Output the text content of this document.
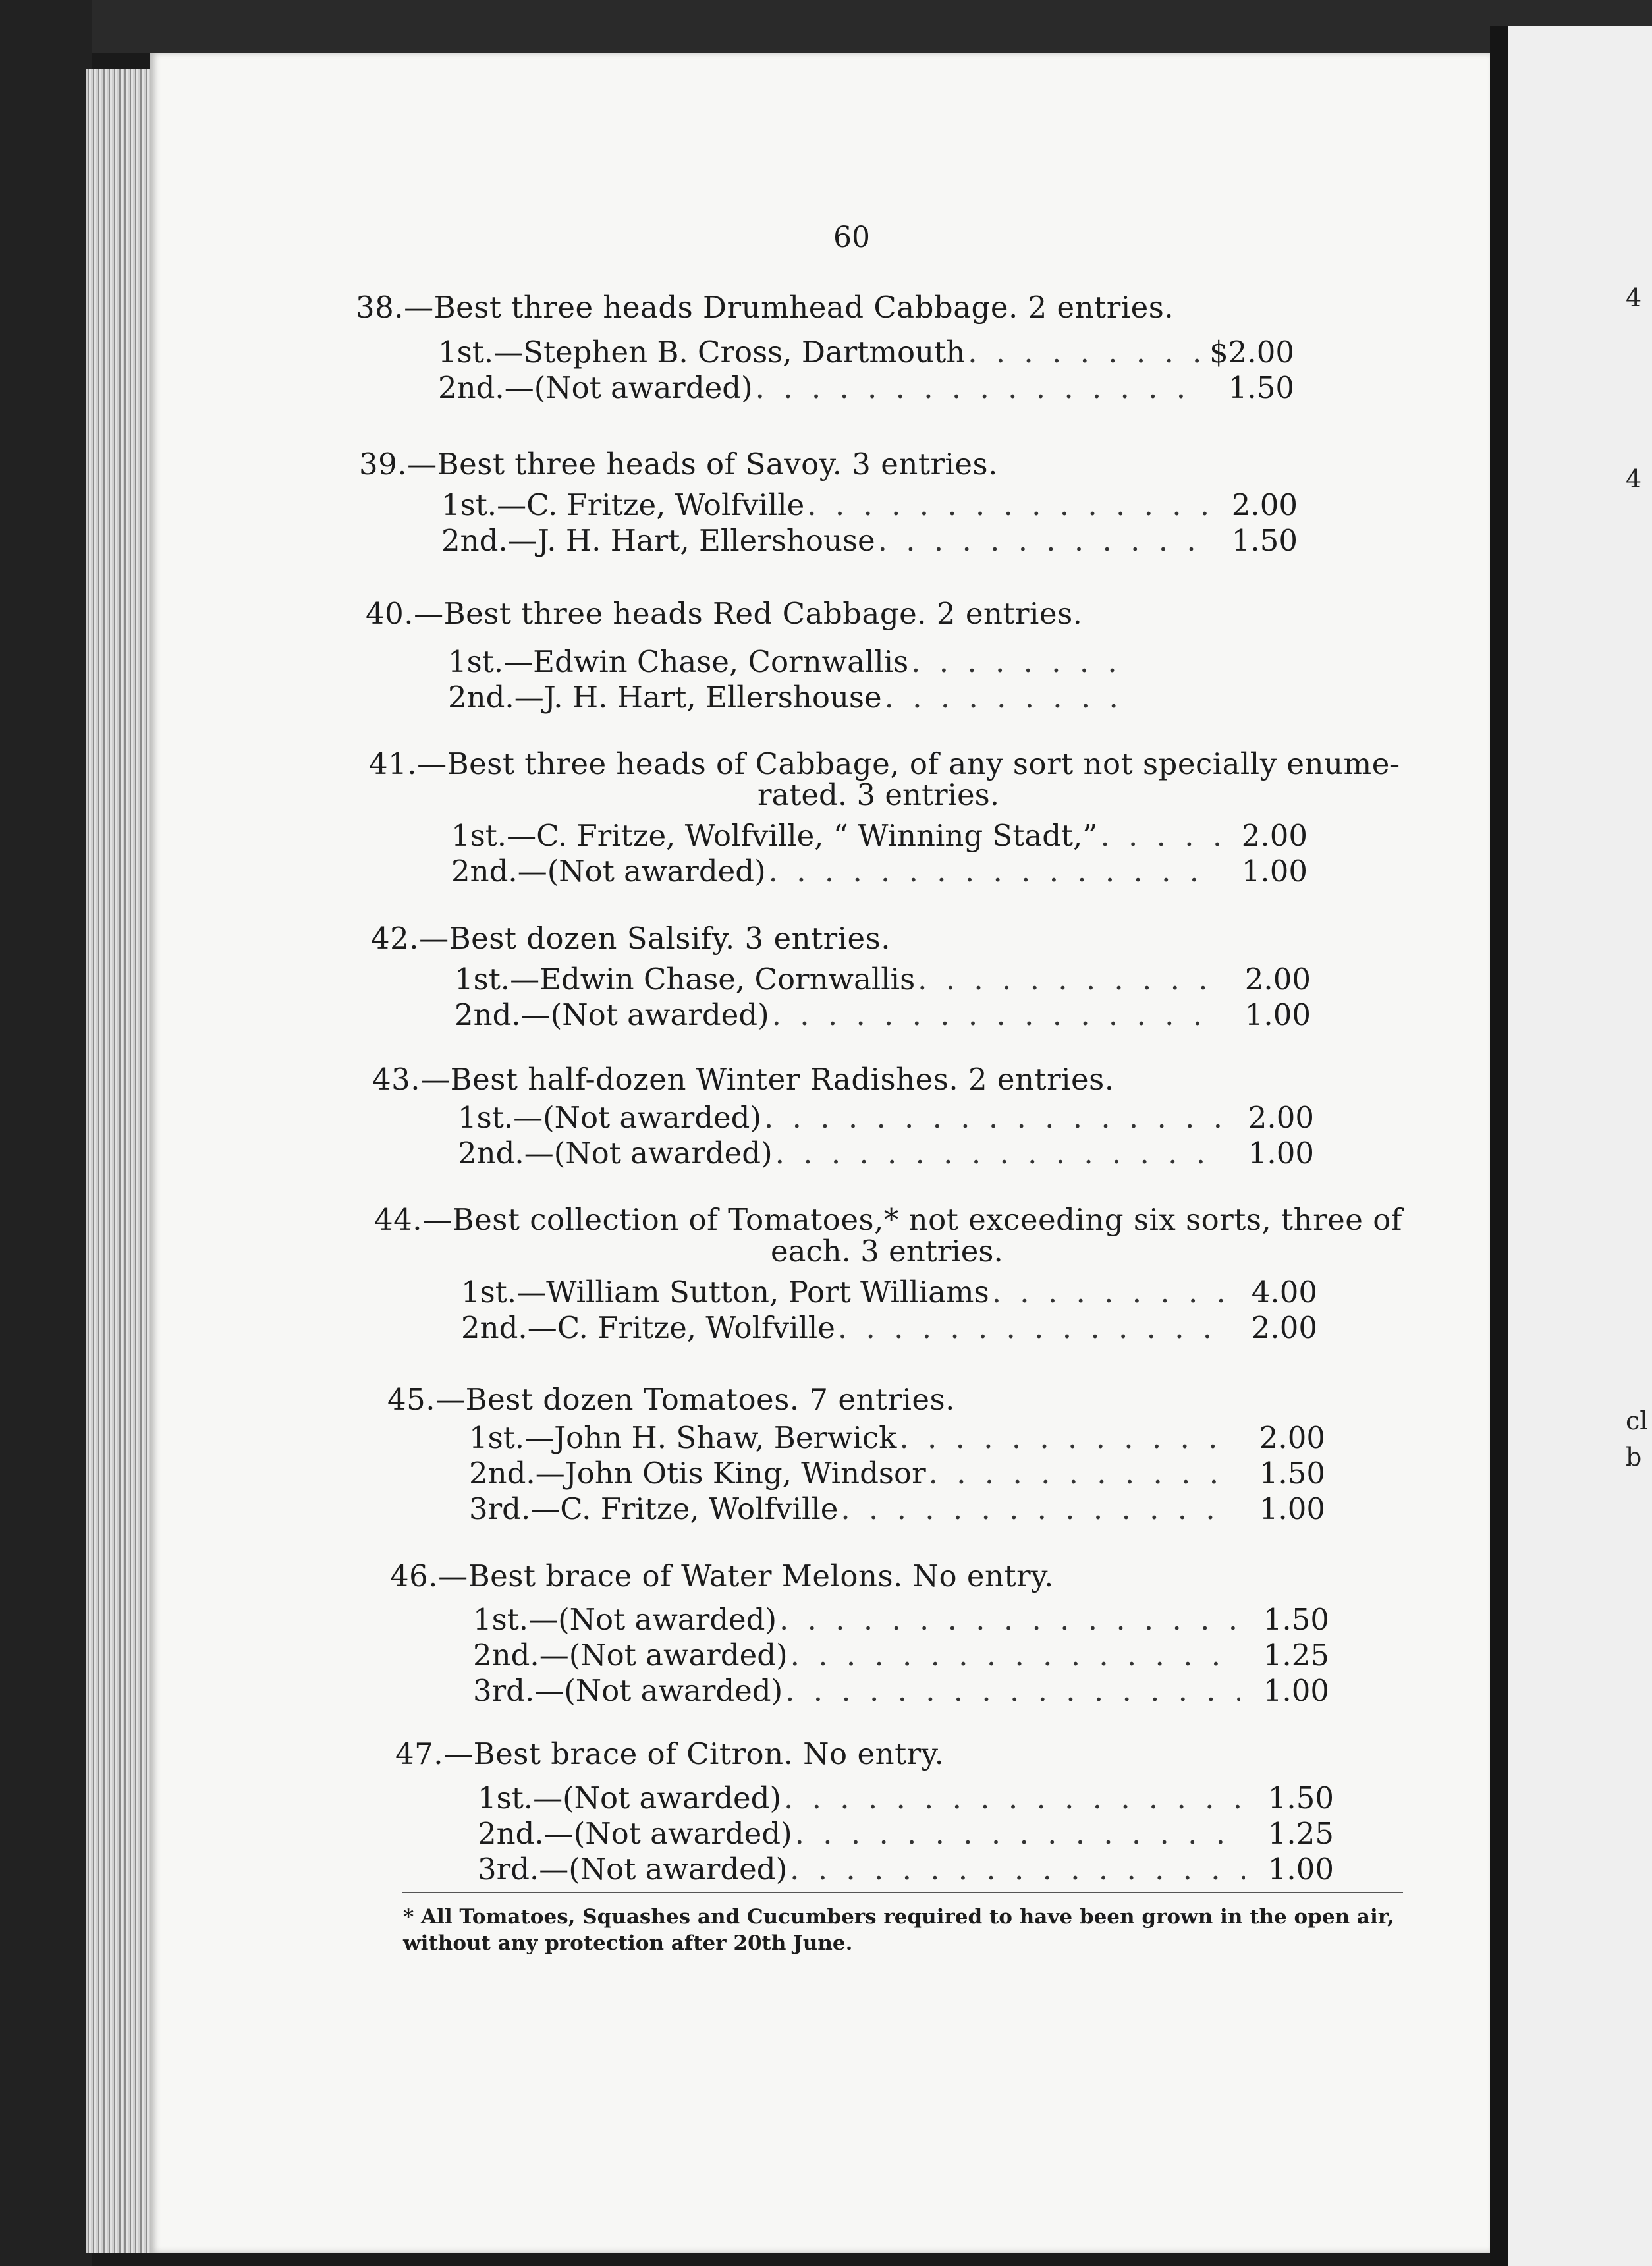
4
4
cl
b
60
38.—Best three heads Drumhead Cabbage. 2 entries.
1st.—Stephen B. Cross, Dartmouth . . .	$2.00
2nd.—(Not awarded) . . .	1.50
39.—Best three heads of Savoy. 3 entries.
1st.—C. Fritze, Wolfville . . .	2.00
2nd.—J. H. Hart, Ellershouse . . .	1.50
40.—Best three heads Red Cabbage. 2 entries.
1st.—Edwin Chase, Cornwallis
. . .
2nd.—J. H. Hart, Ellershouse
. . .
41.—Best three heads of Cabbage, of any sort not specially enume-
rated. 3 entries.
1st.—C. Fritze, Wolfville, “ Winning Stadt,” . . .	2.00
2nd.—(Not awarded) . . .	1.00
42.—Best dozen Salsify. 3 entries.
1st.—Edwin Chase, Cornwallis . . .	2.00
2nd.—(Not awarded) . . .	1.00
43.—Best half-dozen Winter Radishes. 2 entries.
1st.—(Not awarded) . . .	2.00
2nd.—(Not awarded) . . .	1.00
44.—Best collection of Tomatoes,* not exceeding six sorts, three of
each. 3 entries.
1st.—William Sutton, Port Williams . . .	4.00
2nd.—C. Fritze, Wolfville . . .	2.00
45.—Best dozen Tomatoes. 7 entries.
1st.—John H. Shaw, Berwick . . .	2.00
2nd.—John Otis King, Windsor . . .	1.50
3rd.—C. Fritze, Wolfville . . .	1.00
46.—Best brace of Water Melons. No entry.
1st.—(Not awarded) . . .	1.50
2nd.—(Not awarded) . . .	1.25
3rd.—(Not awarded) . . .	1.00
47.—Best brace of Citron. No entry.
1st.—(Not awarded) . . .	1.50
2nd.—(Not awarded) . . .	1.25
3rd.—(Not awarded) . . .	1.00
* All Tomatoes, Squashes and Cucumbers required to have been grown in the open air, without any protection after 20th June.
